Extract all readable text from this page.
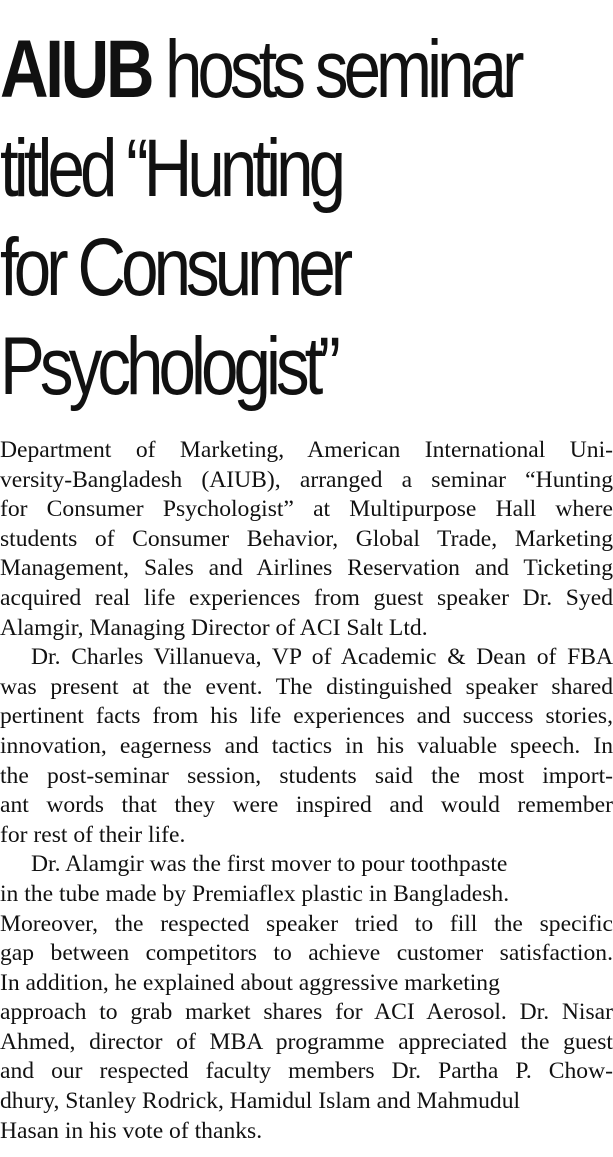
AIUB hosts seminar
titled “Hunting
for Consumer
Psychologist”
Department of Marketing, American International Uni-
versity-Bangladesh (AIUB), arranged a seminar “Hunting
for Consumer Psychologist” at Multipurpose Hall where
students of Consumer Behavior, Global Trade, Marketing
Management, Sales and Airlines Reservation and Ticketing
acquired real life experiences from guest speaker Dr. Syed
Alamgir, Managing Director of ACI Salt Ltd.
Dr. Charles Villanueva, VP of Academic & Dean of FBA
was present at the event. The distinguished speaker shared
pertinent facts from his life experiences and success stories,
innovation, eagerness and tactics in his valuable speech. In
the post-seminar session, students said the most import-
ant words that they were inspired and would remember
for rest of their life.
Dr. Alamgir was the first mover to pour toothpaste
in the tube made by Premiaflex plastic in Bangladesh.
Moreover, the respected speaker tried to fill the specific
gap between competitors to achieve customer satisfaction.
In addition, he explained about aggressive marketing
approach to grab market shares for ACI Aerosol. Dr. Nisar
Ahmed, director of MBA programme appreciated the guest
and our respected faculty members Dr. Partha P. Chow-
dhury, Stanley Rodrick, Hamidul Islam and Mahmudul
Hasan in his vote of thanks.
